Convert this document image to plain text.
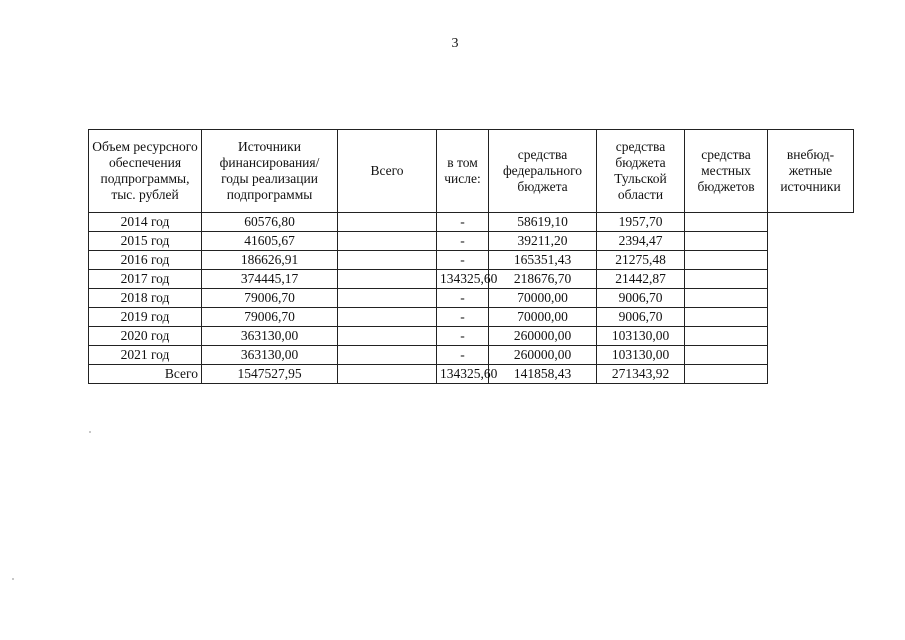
3
Объем ресурсного обеспечения подпрограммы, тыс. рублей	Источники финансирования/ годы реализации подпрограммы	Всего	в том числе:	средства федерального бюджета	средства бюджета Тульской области	средства местных бюджетов	внебюд-жетные источники
2014 год	60576,80		-	58619,10	1957,70		
2015 год	41605,67		-	39211,20	2394,47		
2016 год	186626,91		-	165351,43	21275,48		
2017 год	374445,17		134325,60	218676,70	21442,87		
2018 год	79006,70		-	70000,00	9006,70		
2019 год	79006,70		-	70000,00	9006,70		
2020 год	363130,00		-	260000,00	103130,00		
2021 год	363130,00		-	260000,00	103130,00		
Всего	1547527,95		134325,60	141858,43	271343,92		
